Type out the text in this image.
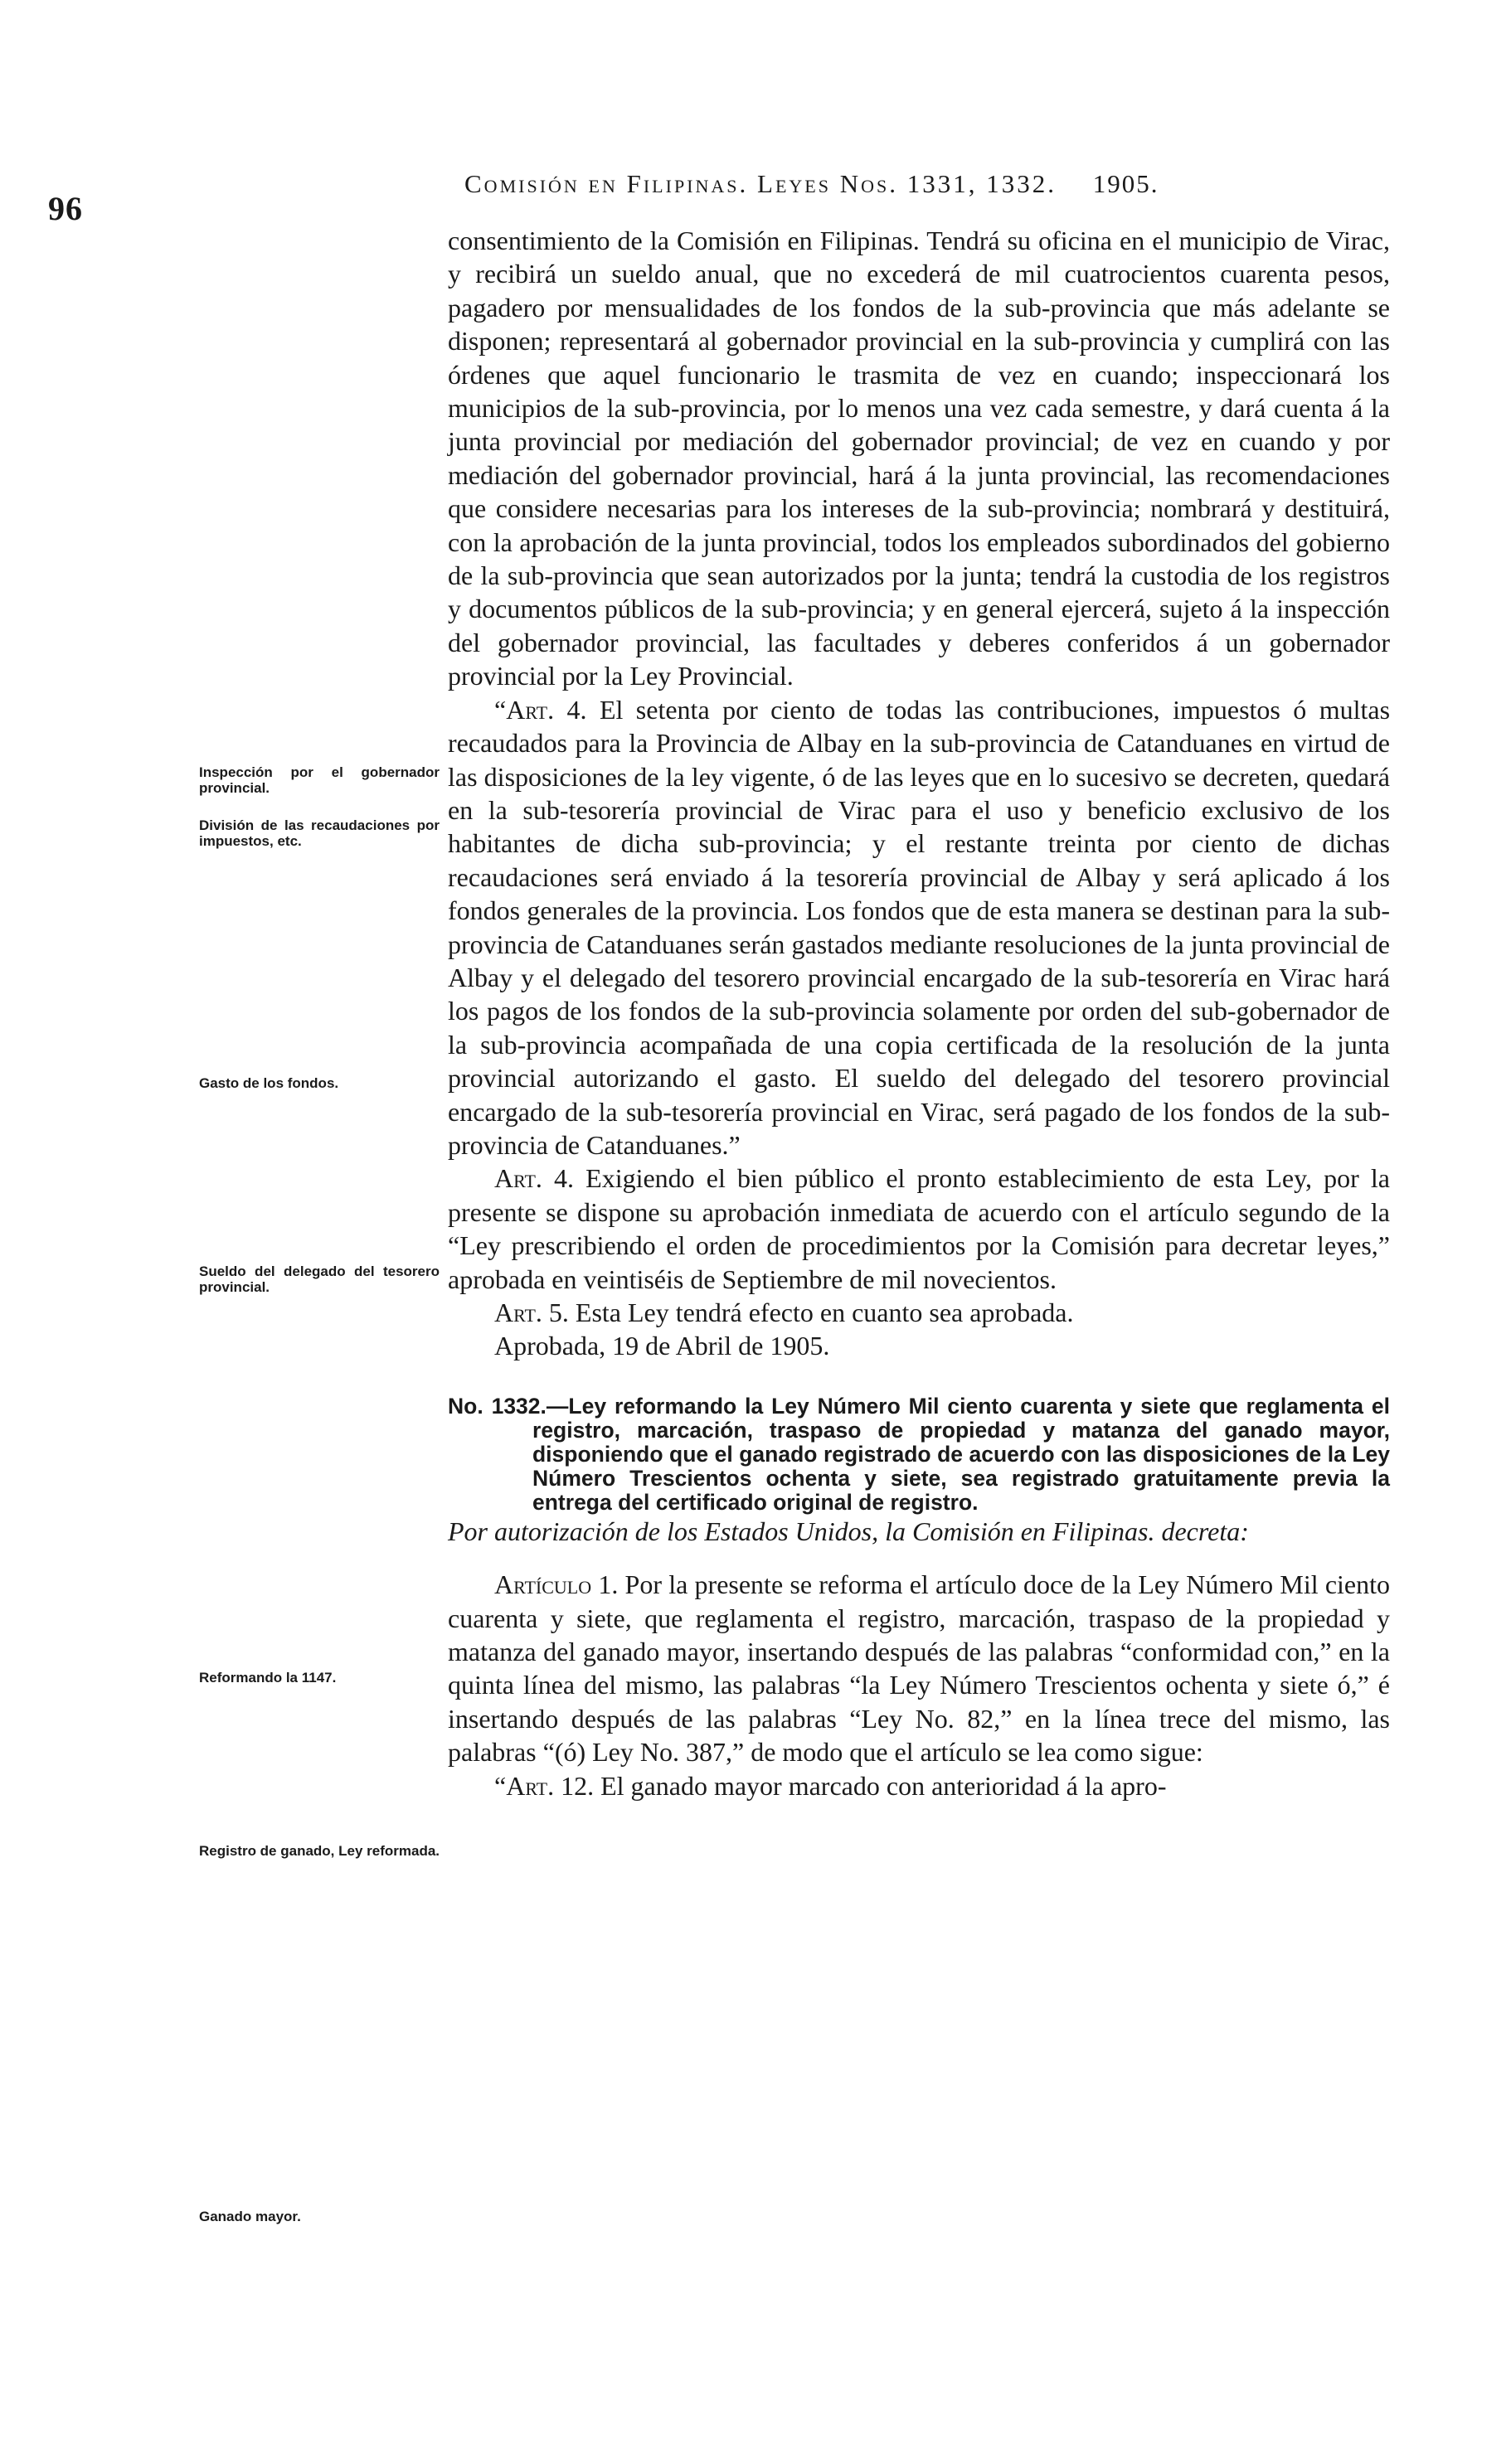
96
Comisión en Filipinas. Leyes Nos. 1331, 1332. 1905.
Inspección por el gobernador provincial.
División de las recaudaciones por impuestos, etc.
Gasto de los fondos.
Sueldo del delegado del tesorero provincial.
Reformando la 1147.
Registro de ganado, Ley reformada.
Ganado mayor.

consentimiento de la Comisión en Filipinas. Tendrá su oficina en el municipio de Virac, y recibirá un sueldo anual, que no excederá de mil cuatrocientos cuarenta pesos, pagadero por mensualidades de los fondos de la sub-provincia que más adelante se disponen; representará al gobernador provincial en la sub-provincia y cumplirá con las órdenes que aquel funcionario le trasmita de vez en cuando; inspeccionará los municipios de la sub-provincia, por lo menos una vez cada semestre, y dará cuenta á la junta provincial por mediación del gobernador provincial; de vez en cuando y por mediación del gobernador provincial, hará á la junta provincial, las recomendaciones que considere necesarias para los intereses de la sub-provincia; nombrará y destituirá, con la aprobación de la junta provincial, todos los empleados subordinados del gobierno de la sub-provincia que sean autorizados por la junta; tendrá la custodia de los registros y documentos públicos de la sub-provincia; y en general ejercerá, sujeto á la inspección del gobernador provincial, las facultades y deberes conferidos á un gobernador provincial por la Ley Provincial.

“Art. 4. El setenta por ciento de todas las contribuciones, impuestos ó multas recaudados para la Provincia de Albay en la sub-provincia de Catanduanes en virtud de las disposiciones de la ley vigente, ó de las leyes que en lo sucesivo se decreten, quedará en la sub-tesorería provincial de Virac para el uso y beneficio exclusivo de los habitantes de dicha sub-provincia; y el restante treinta por ciento de dichas recaudaciones será enviado á la tesorería provincial de Albay y será aplicado á los fondos generales de la provincia. Los fondos que de esta manera se destinan para la sub-provincia de Catanduanes serán gastados mediante resoluciones de la junta provincial de Albay y el delegado del tesorero provincial encargado de la sub-tesorería en Virac hará los pagos de los fondos de la sub-provincia solamente por orden del sub-gobernador de la sub-provincia acompañada de una copia certificada de la resolución de la junta provincial autorizando el gasto. El sueldo del delegado del tesorero provincial encargado de la sub-tesorería provincial en Virac, será pagado de los fondos de la sub-provincia de Catanduanes.”

Art. 4. Exigiendo el bien público el pronto establecimiento de esta Ley, por la presente se dispone su aprobación inmediata de acuerdo con el artículo segundo de la “Ley prescribiendo el orden de procedimientos por la Comisión para decretar leyes,” aprobada en veintiséis de Septiembre de mil novecientos.

Art. 5. Esta Ley tendrá efecto en cuanto sea aprobada.

Aprobada, 19 de Abril de 1905.

No. 1332.—Ley reformando la Ley Número Mil ciento cuarenta y siete que reglamenta el registro, marcación, traspaso de propiedad y matanza del ganado mayor, disponiendo que el ganado registrado de acuerdo con las disposiciones de la Ley Número Trescientos ochenta y siete, sea registrado gratuitamente previa la entrega del certificado original de registro.

Por autorización de los Estados Unidos, la Comisión en Filipinas. decreta:

Artículo 1. Por la presente se reforma el artículo doce de la Ley Número Mil ciento cuarenta y siete, que reglamenta el registro, marcación, traspaso de la propiedad y matanza del ganado mayor, insertando después de las palabras “conformidad con,” en la quinta línea del mismo, las palabras “la Ley Número Trescientos ochenta y siete ó,” é insertando después de las palabras “Ley No. 82,” en la línea trece del mismo, las palabras “(ó) Ley No. 387,” de modo que el artículo se lea como sigue:

“Art. 12. El ganado mayor marcado con anterioridad á la apro-
